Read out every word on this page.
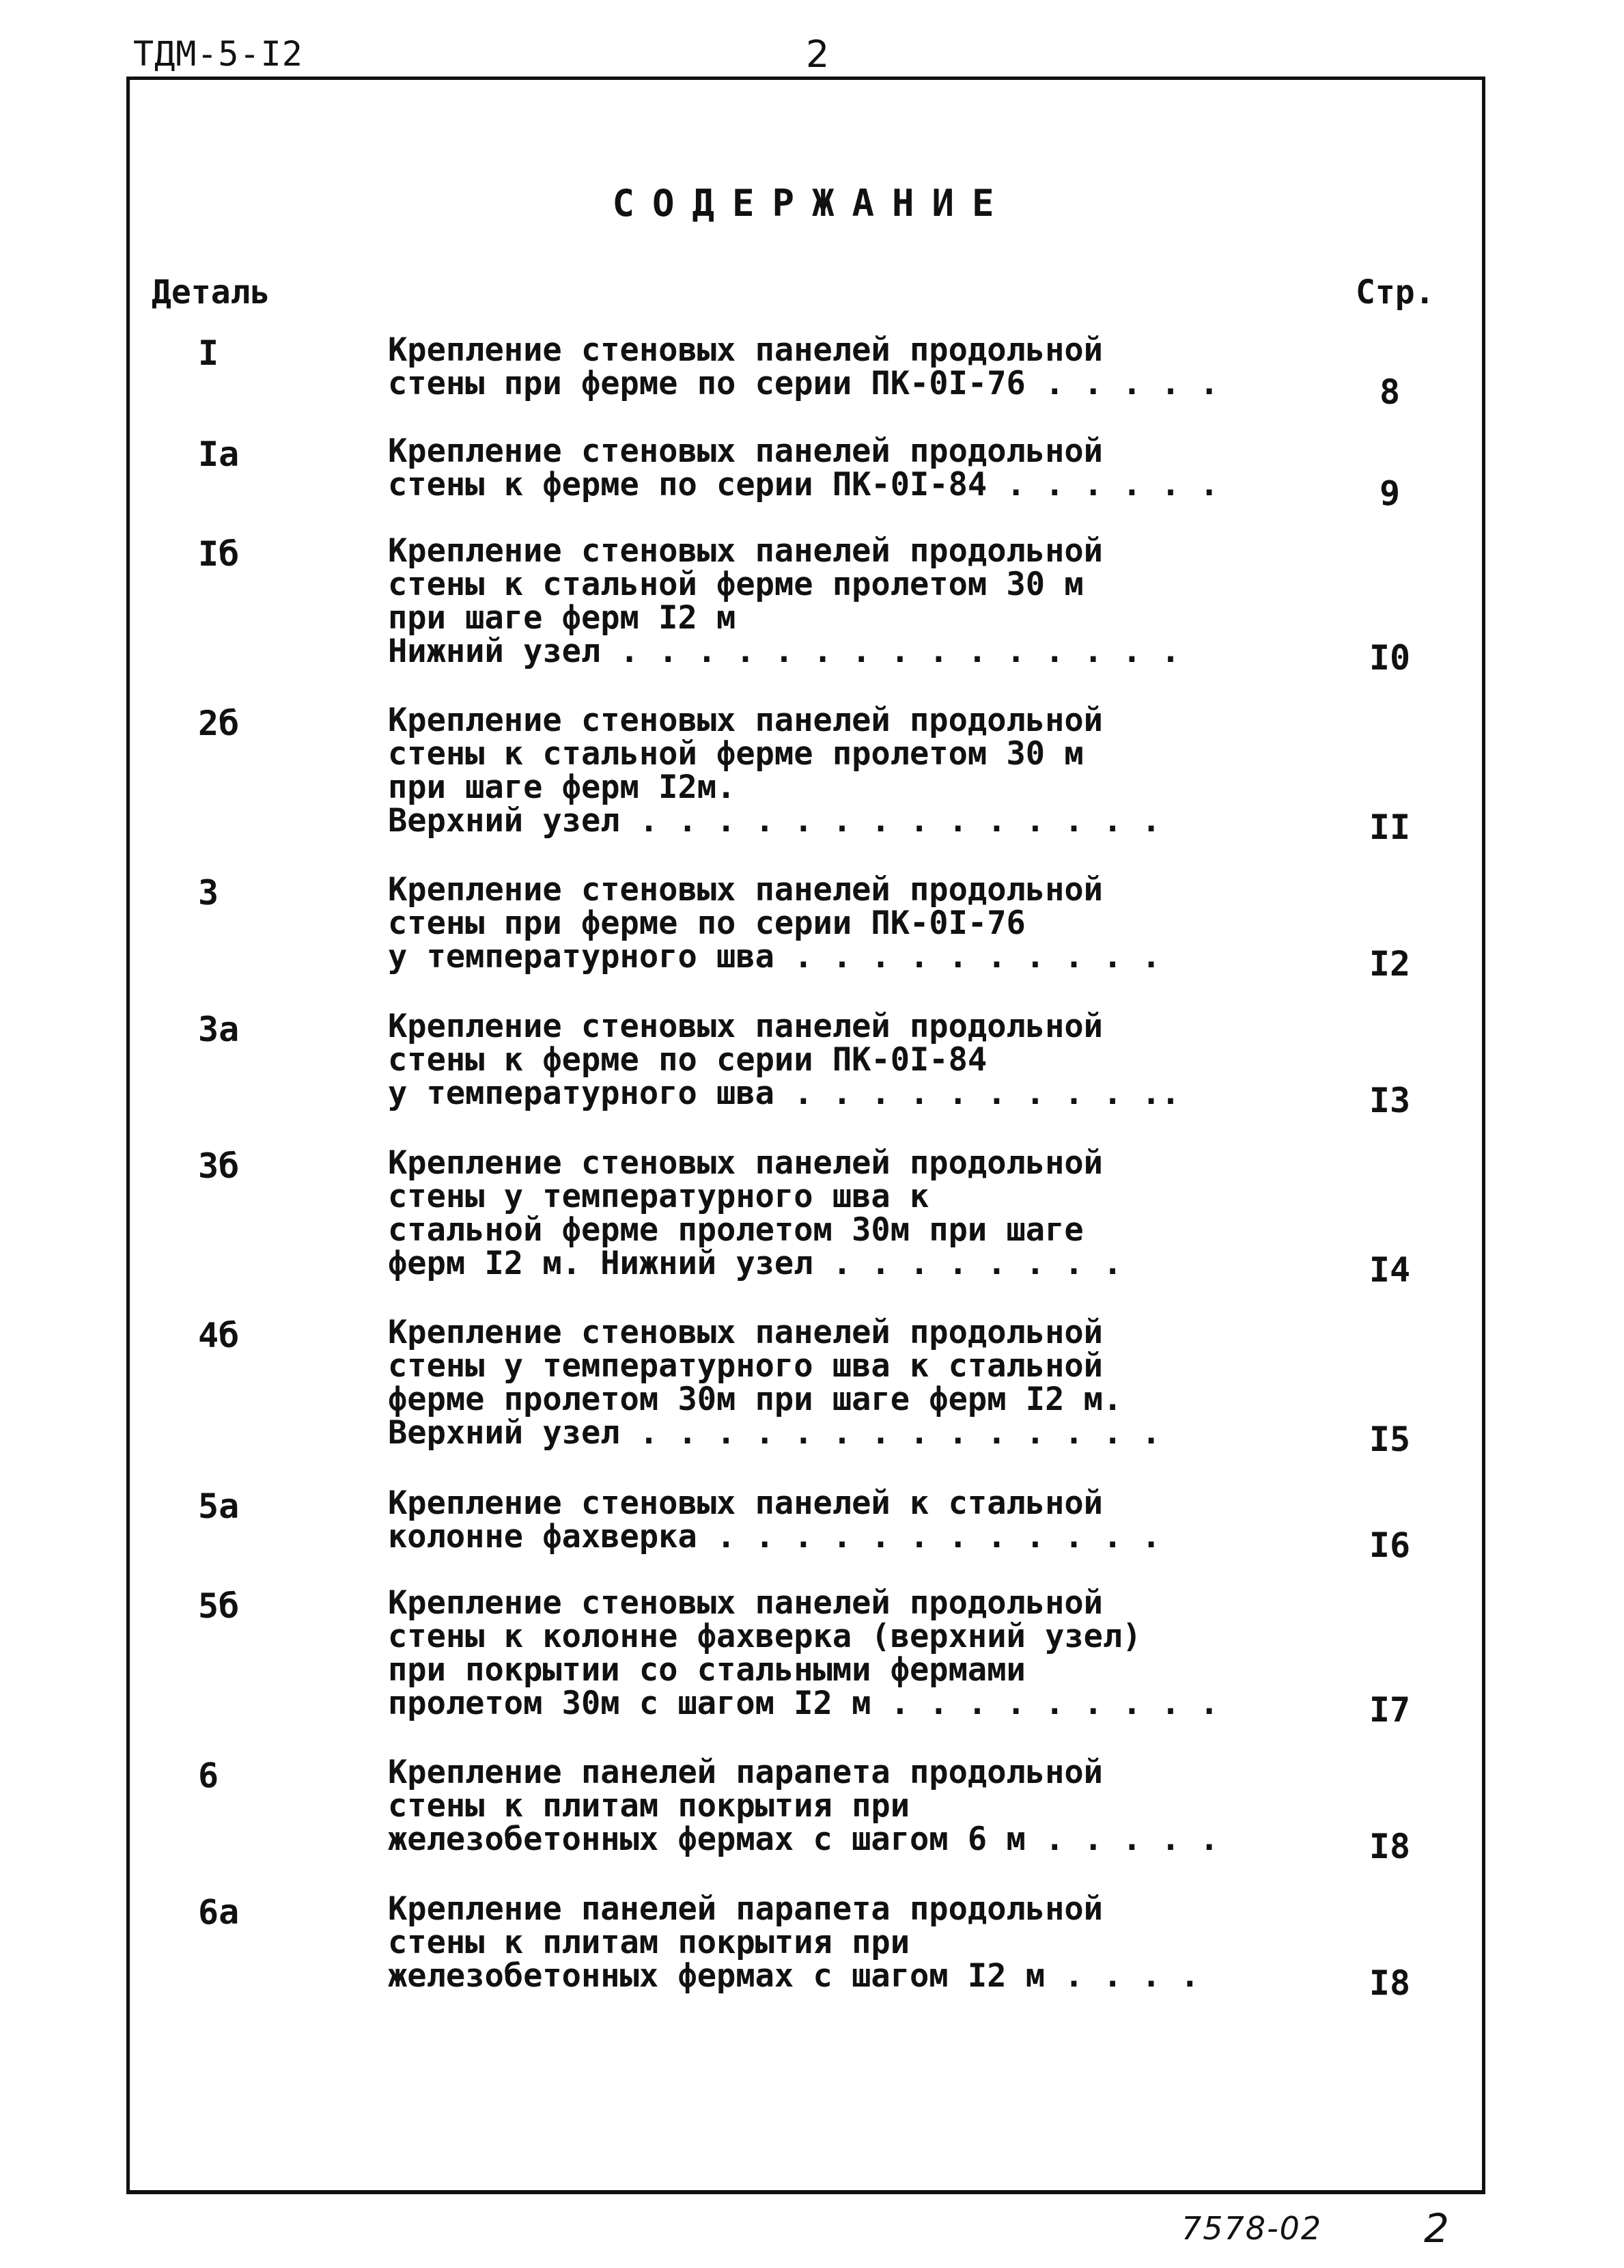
ТДМ-5-I2	2
СОДЕРЖАНИЕ
Деталь	Стр.
I	Крепление стеновых панелей продольной
стены при ферме по серии ПК-0I-76 . . . . .	8
Iа	Крепление стеновых панелей продольной
стены к ферме по серии ПК-0I-84 . . . . . .	9
Iб	Крепление стеновых панелей продольной
стены к стальной ферме пролетом 30 м
при шаге ферм I2 м
Нижний узел . . . . . . . . . . . . . . .	I0
2б	Крепление стеновых панелей продольной
стены к стальной ферме пролетом 30 м
при шаге ферм I2м.
Верхний узел . . . . . . . . . . . . . .	II
3	Крепление стеновых панелей продольной
стены при ферме по серии ПК-0I-76
у температурного шва . . . . . . . . . .	I2
3а	Крепление стеновых панелей продольной
стены к ферме по серии ПК-0I-84
у температурного шва . . . . . . . . . ..	I3
3б	Крепление стеновых панелей продольной
стены у температурного шва к
стальной ферме пролетом 30м при шаге
ферм I2 м. Нижний узел . . . . . . . .	I4
4б	Крепление стеновых панелей продольной
стены у температурного шва к стальной
ферме пролетом 30м при шаге ферм I2 м.
Верхний узел . . . . . . . . . . . . . .	I5
5а	Крепление стеновых панелей к стальной
колонне фахверка . . . . . . . . . . . .	I6
5б	Крепление стеновых панелей продольной
стены к колонне фахверка (верхний узел)
при покрытии со стальными фермами
пролетом 30м с шагом I2 м . . . . . . . . .	I7
6	Крепление панелей парапета продольной
стены к плитам покрытия при
железобетонных фермах с шагом 6 м . . . . .	I8
6а	Крепление панелей парапета продольной
стены к плитам покрытия при
железобетонных фермах с шагом I2 м . . . .	I8
7578-02	2
